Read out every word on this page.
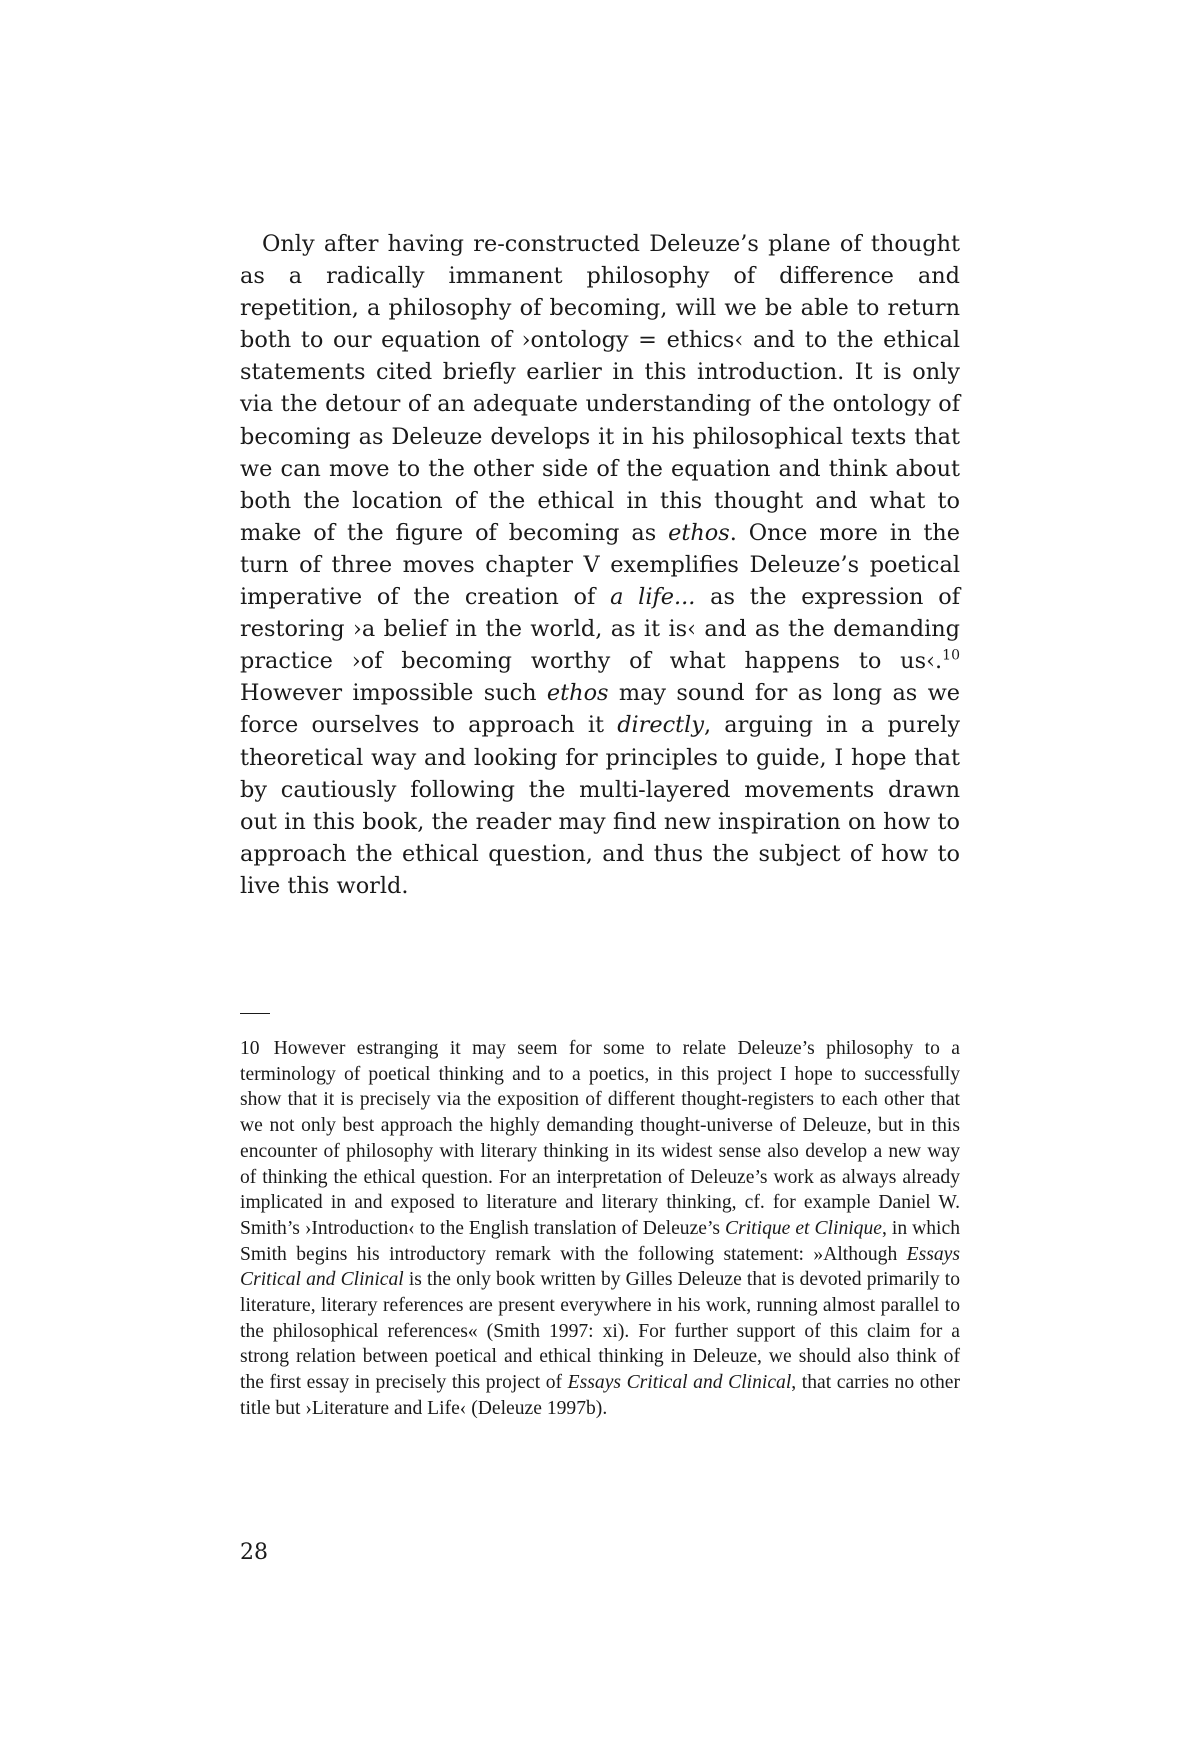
Only after having re-constructed Deleuze’s plane of thought as a radically immanent philosophy of difference and repetition, a philosophy of becoming, will we be able to return both to our equation of ›ontology = ethics‹ and to the ethical statements cited briefly earlier in this introduction. It is only via the detour of an adequate understanding of the ontology of becoming as Deleuze develops it in his philosophical texts that we can move to the other side of the equation and think about both the location of the ethical in this thought and what to make of the figure of becoming as ethos. Once more in the turn of three moves chapter V exemplifies Deleuze’s poetical imperative of the creation of a life... as the expression of restoring ›a belief in the world, as it is‹ and as the demanding practice ›of becoming worthy of what happens to us‹.$^{10}$ However impossible such ethos may sound for as long as we force ourselves to approach it directly, arguing in a purely theoretical way and looking for principles to guide, I hope that by cautiously following the multi-layered movements drawn out in this book, the reader may find new inspiration on how to approach the ethical question, and thus the subject of how to live this world.

10 However estranging it may seem for some to relate Deleuze’s philosophy to a terminology of poetical thinking and to a poetics, in this project I hope to successfully show that it is precisely via the exposition of different thought-registers to each other that we not only best approach the highly demanding thought-universe of Deleuze, but in this encounter of philosophy with literary thinking in its widest sense also develop a new way of thinking the ethical question. For an interpretation of Deleuze’s work as always already implicated in and exposed to literature and literary thinking, cf. for example Daniel W. Smith’s ›Introduction‹ to the English translation of Deleuze’s Critique et Clinique, in which Smith begins his introductory remark with the following statement: »Although Essays Critical and Clinical is the only book written by Gilles Deleuze that is devoted primarily to literature, literary references are present everywhere in his work, running almost parallel to the philosophical references« (Smith 1997: xi). For further support of this claim for a strong relation between poetical and ethical thinking in Deleuze, we should also think of the first essay in precisely this project of Essays Critical and Clinical, that carries no other title but ›Literature and Life‹ (Deleuze 1997b).
28
